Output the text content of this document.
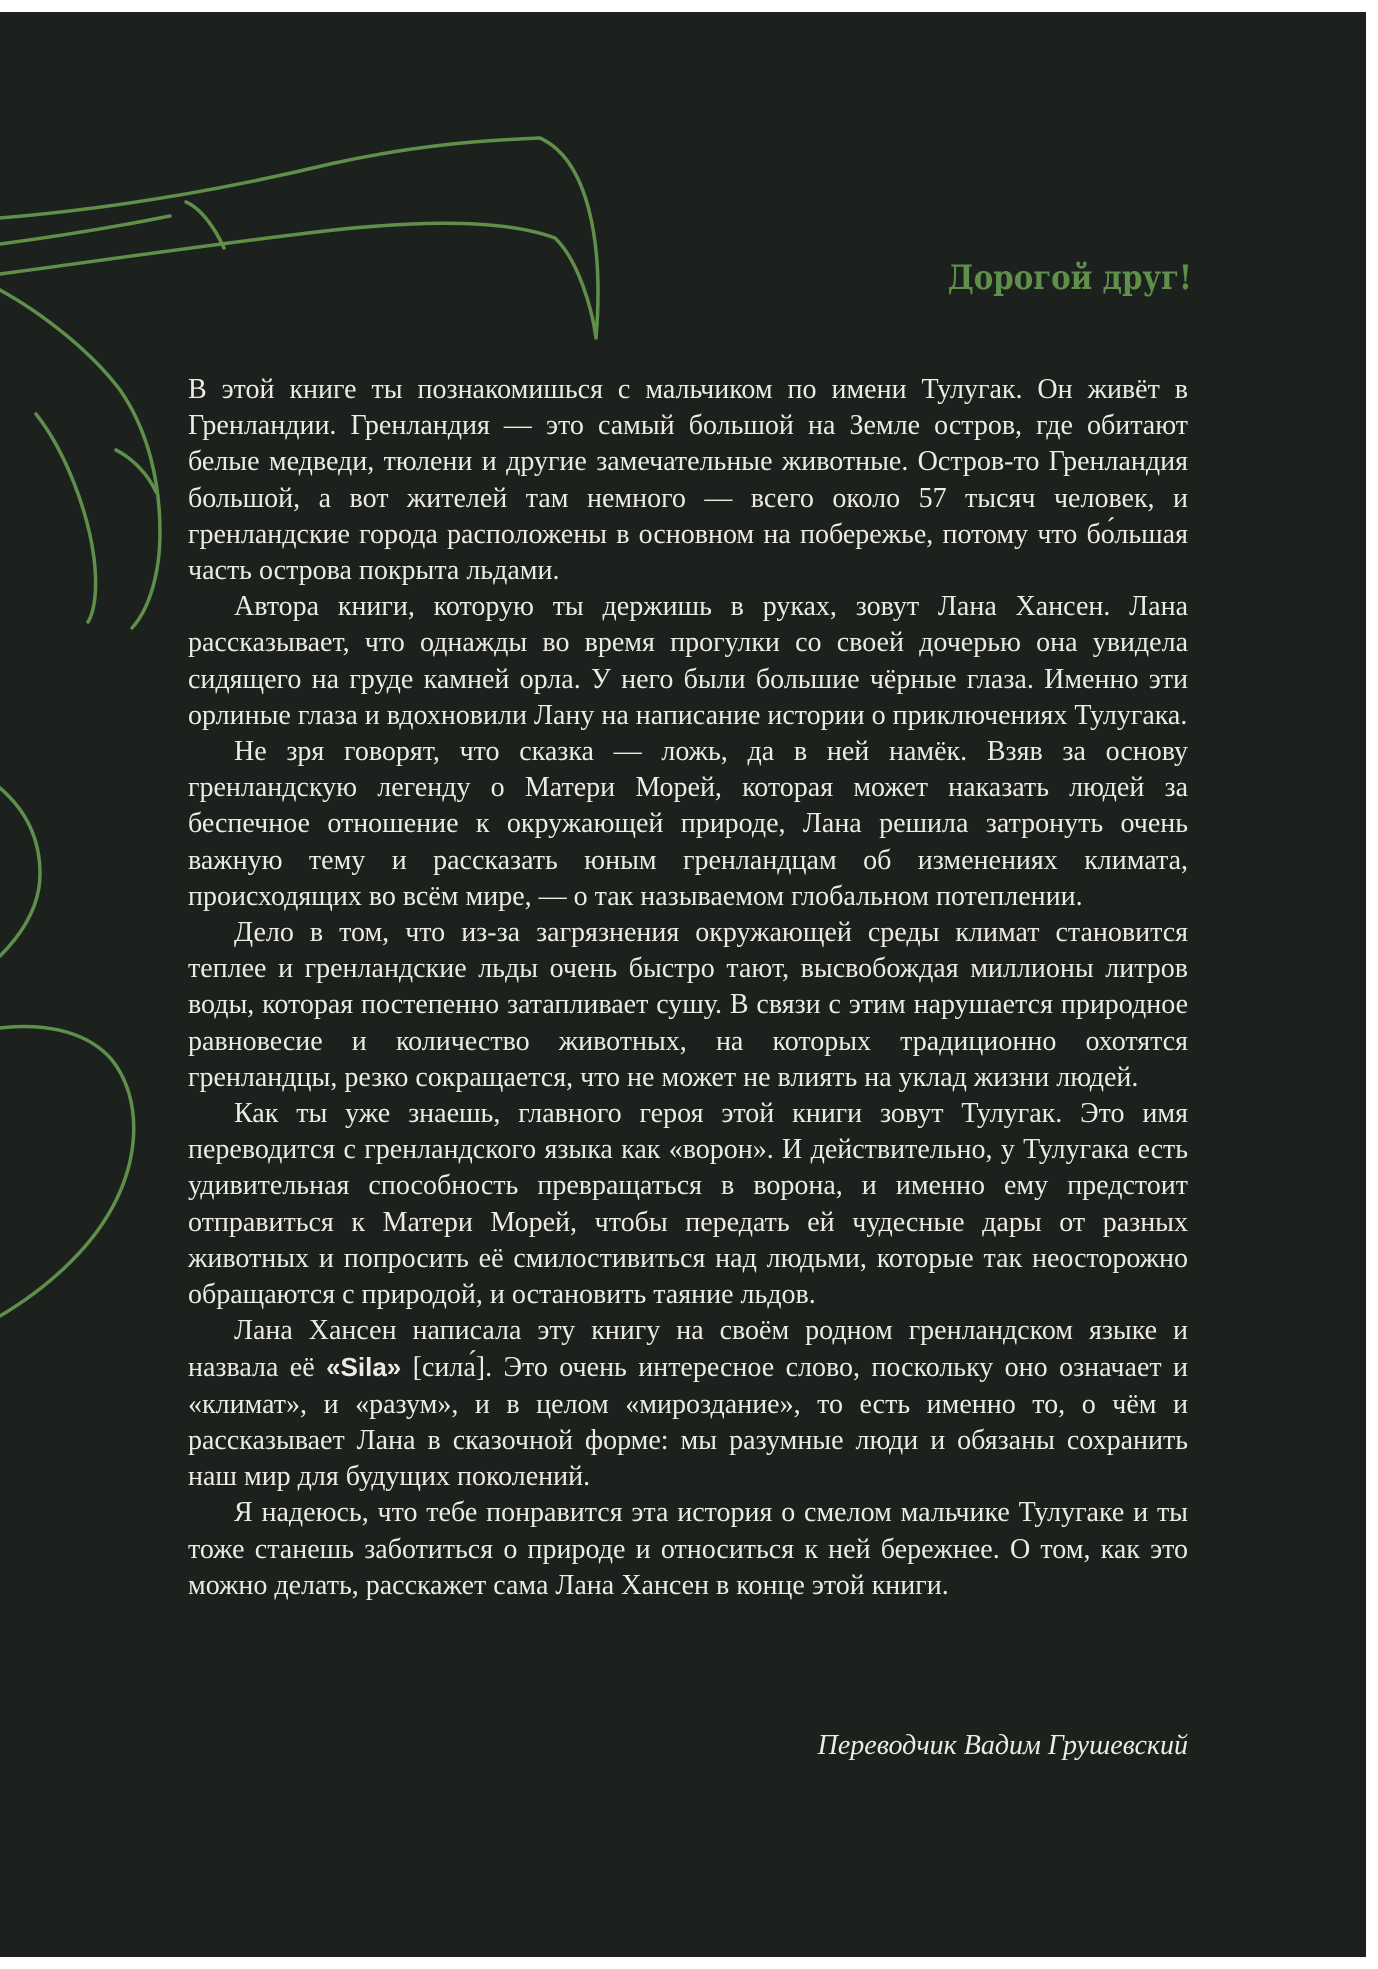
Дорогой друг!

В этой книге ты познакомишься с мальчиком по имени Тулугак. Он живёт в Гренландии. Гренландия — это самый большой на Земле остров, где обитают белые медведи, тюлени и другие замечательные животные. Остров-то Гренландия большой, а вот жителей там немного — всего около 57 тысяч человек, и гренландские города расположены в основном на побережье, потому что бо́льшая часть острова покрыта льдами.

Автора книги, которую ты держишь в руках, зовут Лана Хансен. Лана рассказывает, что однажды во время прогулки со своей дочерью она увидела сидящего на груде камней орла. У него были большие чёрные глаза. Именно эти орлиные глаза и вдохновили Лану на написание истории о приключениях Тулугака.

Не зря говорят, что сказка — ложь, да в ней намёк. Взяв за основу гренландскую легенду о Матери Морей, которая может наказать людей за беспечное отношение к окружающей природе, Лана решила затронуть очень важную тему и рассказать юным гренландцам об изменениях климата, происходящих во всём мире, — о так называемом глобальном потеплении.

Дело в том, что из-за загрязнения окружающей среды климат становится теплее и гренландские льды очень быстро тают, высвобождая миллионы литров воды, которая постепенно затапливает сушу. В связи с этим нарушается природное равновесие и количество животных, на которых традиционно охотятся гренландцы, резко сокращается, что не может не влиять на уклад жизни людей.

Как ты уже знаешь, главного героя этой книги зовут Тулугак. Это имя переводится с гренландского языка как «ворон». И действительно, у Тулугака есть удивительная способность превращаться в ворона, и именно ему предстоит отправиться к Матери Морей, чтобы передать ей чудесные дары от разных животных и попросить её смилостивиться над людьми, которые так неосторожно обращаются с природой, и остановить таяние льдов.

Лана Хансен написала эту книгу на своём родном гренландском языке и назвала её «Sila» [сила́]. Это очень интересное слово, поскольку оно означает и «климат», и «разум», и в целом «мироздание», то есть именно то, о чём и рассказывает Лана в сказочной форме: мы разумные люди и обязаны сохранить наш мир для будущих поколений.

Я надеюсь, что тебе понравится эта история о смелом мальчике Тулугаке и ты тоже станешь заботиться о природе и относиться к ней бережнее. О том, как это можно делать, расскажет сама Лана Хансен в конце этой книги.

Переводчик Вадим Грушевский
